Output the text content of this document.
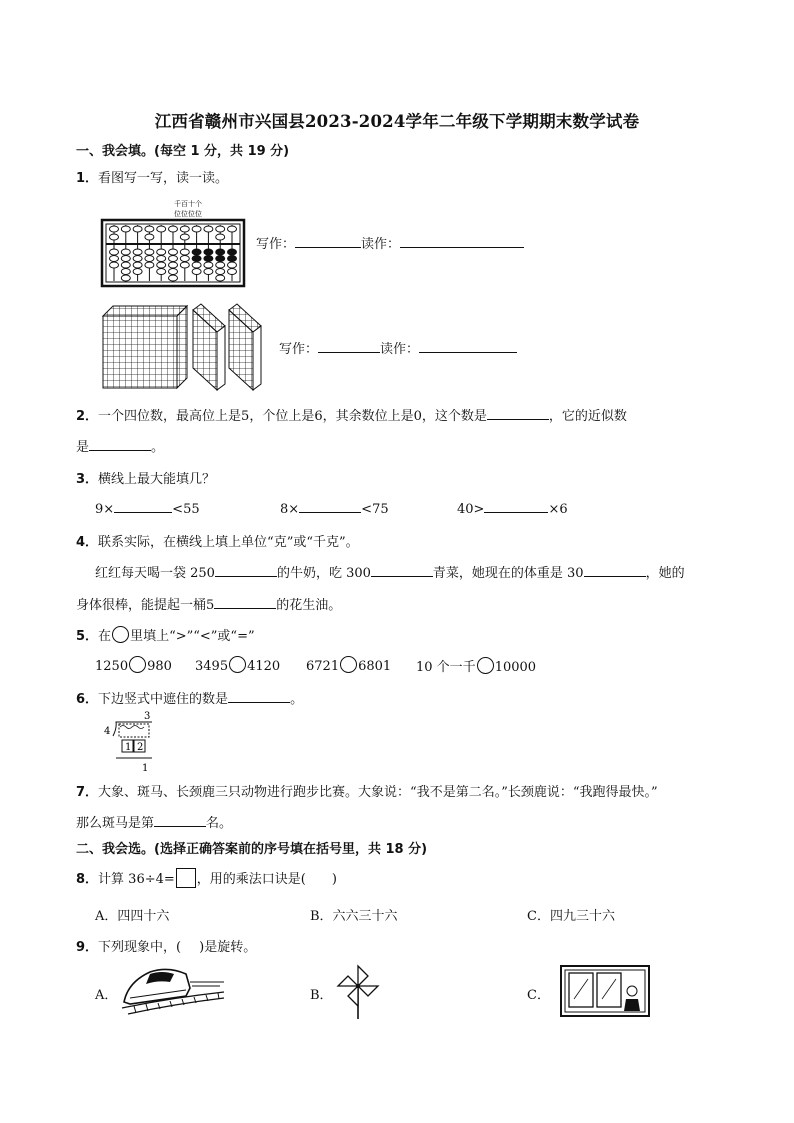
江西省赣州市兴国县2023-2024学年二年级下学期期末数学试卷
一、我会填。(每空 1 分，共 19 分)
1．看图写一写，读一读。
千百十个
位位位位
写作：	读作：
写作：	读作：
2．一个四位数，最高位上是5，个位上是6，其余数位上是0，这个数是	，它的近似数
是	。
3．横线上最大能填几？
9×	<55	8×	<75	40>	×6
4．联系实际，在横线上填上单位“克”或“千克”。
红红每天喝一袋 250	的牛奶，吃 300	青菜，她现在的体重是 30	，她的
身体很棒，能提起一桶5	的花生油。
5．在 里填上“>”“<”或“=”
1250 980 3495 4120 6721 6801 10 个一千 10000
6．下边竖式中遮住的数是	。
3
4
1 2
1
7．大象、斑马、长颈鹿三只动物进行跑步比赛。大象说：“我不是第二名。”长颈鹿说：“我跑得最快。”
那么斑马是第	名。
二、我会选。(选择正确答案前的序号填在括号里，共 18 分)
8．计算 36÷4= ，用的乘法口诀是( )
A．四四十六	B．六六三十六	C．四九三十六
9．下列现象中，( )是旋转。
A．	B．	C．
